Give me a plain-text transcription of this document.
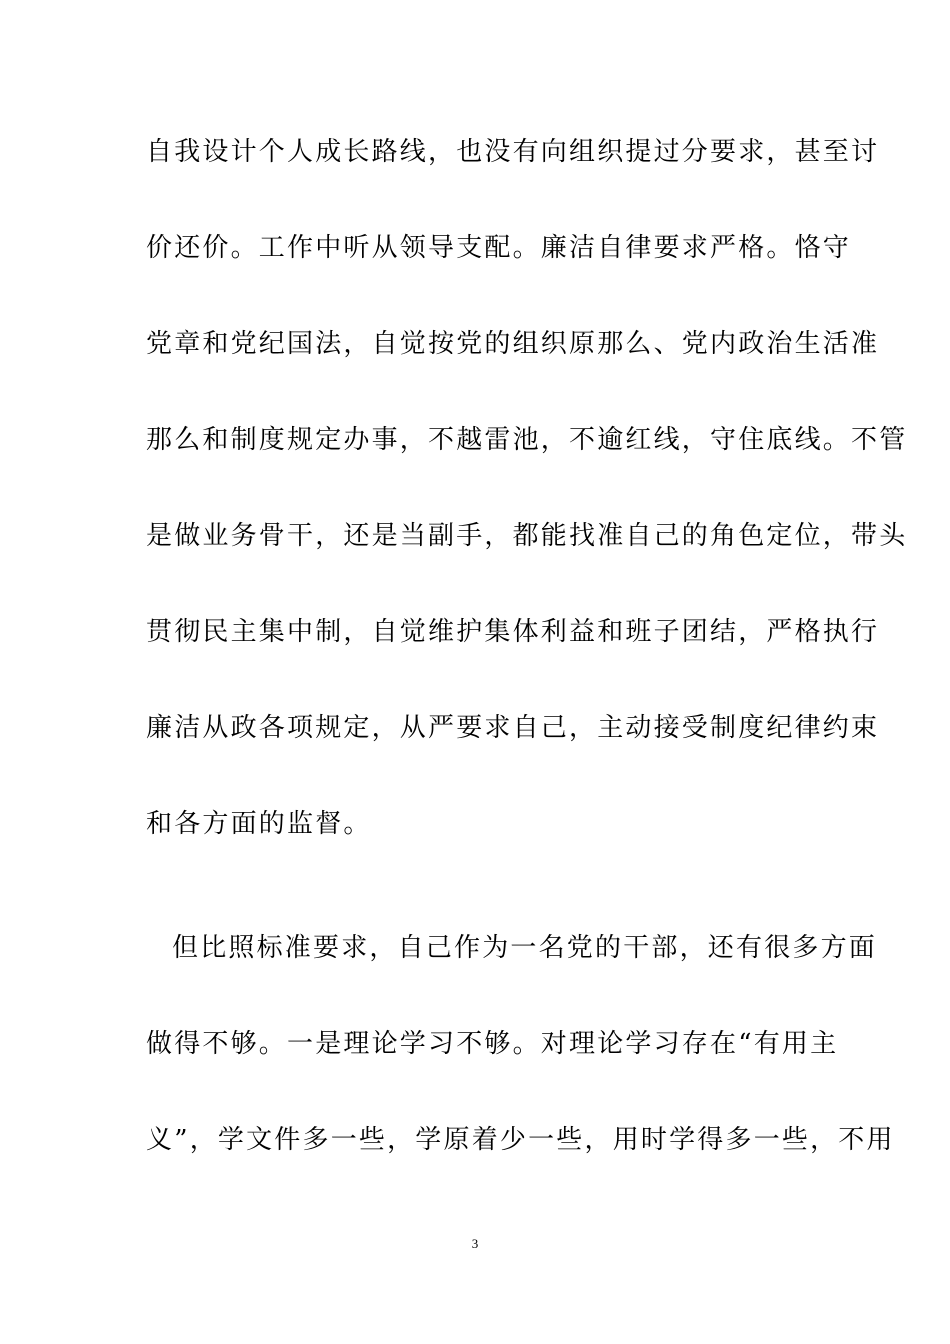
自我设计个人成长路线，也没有向组织提过分要求，甚至讨
价还价。工作中听从领导支配。廉洁自律要求严格。恪守
党章和党纪国法，自觉按党的组织原那么、党内政治生活准
那么和制度规定办事，不越雷池，不逾红线，守住底线。不管
是做业务骨干，还是当副手，都能找准自己的角色定位，带头
贯彻民主集中制，自觉维护集体利益和班子团结，严格执行
廉洁从政各项规定，从严要求自己，主动接受制度纪律约束
和各方面的监督。
但比照标准要求，自己作为一名党的干部，还有很多方面
做得不够。一是理论学习不够。对理论学习存在“有用主
义”，学文件多一些，学原着少一些，用时学得多一些，不用
3
